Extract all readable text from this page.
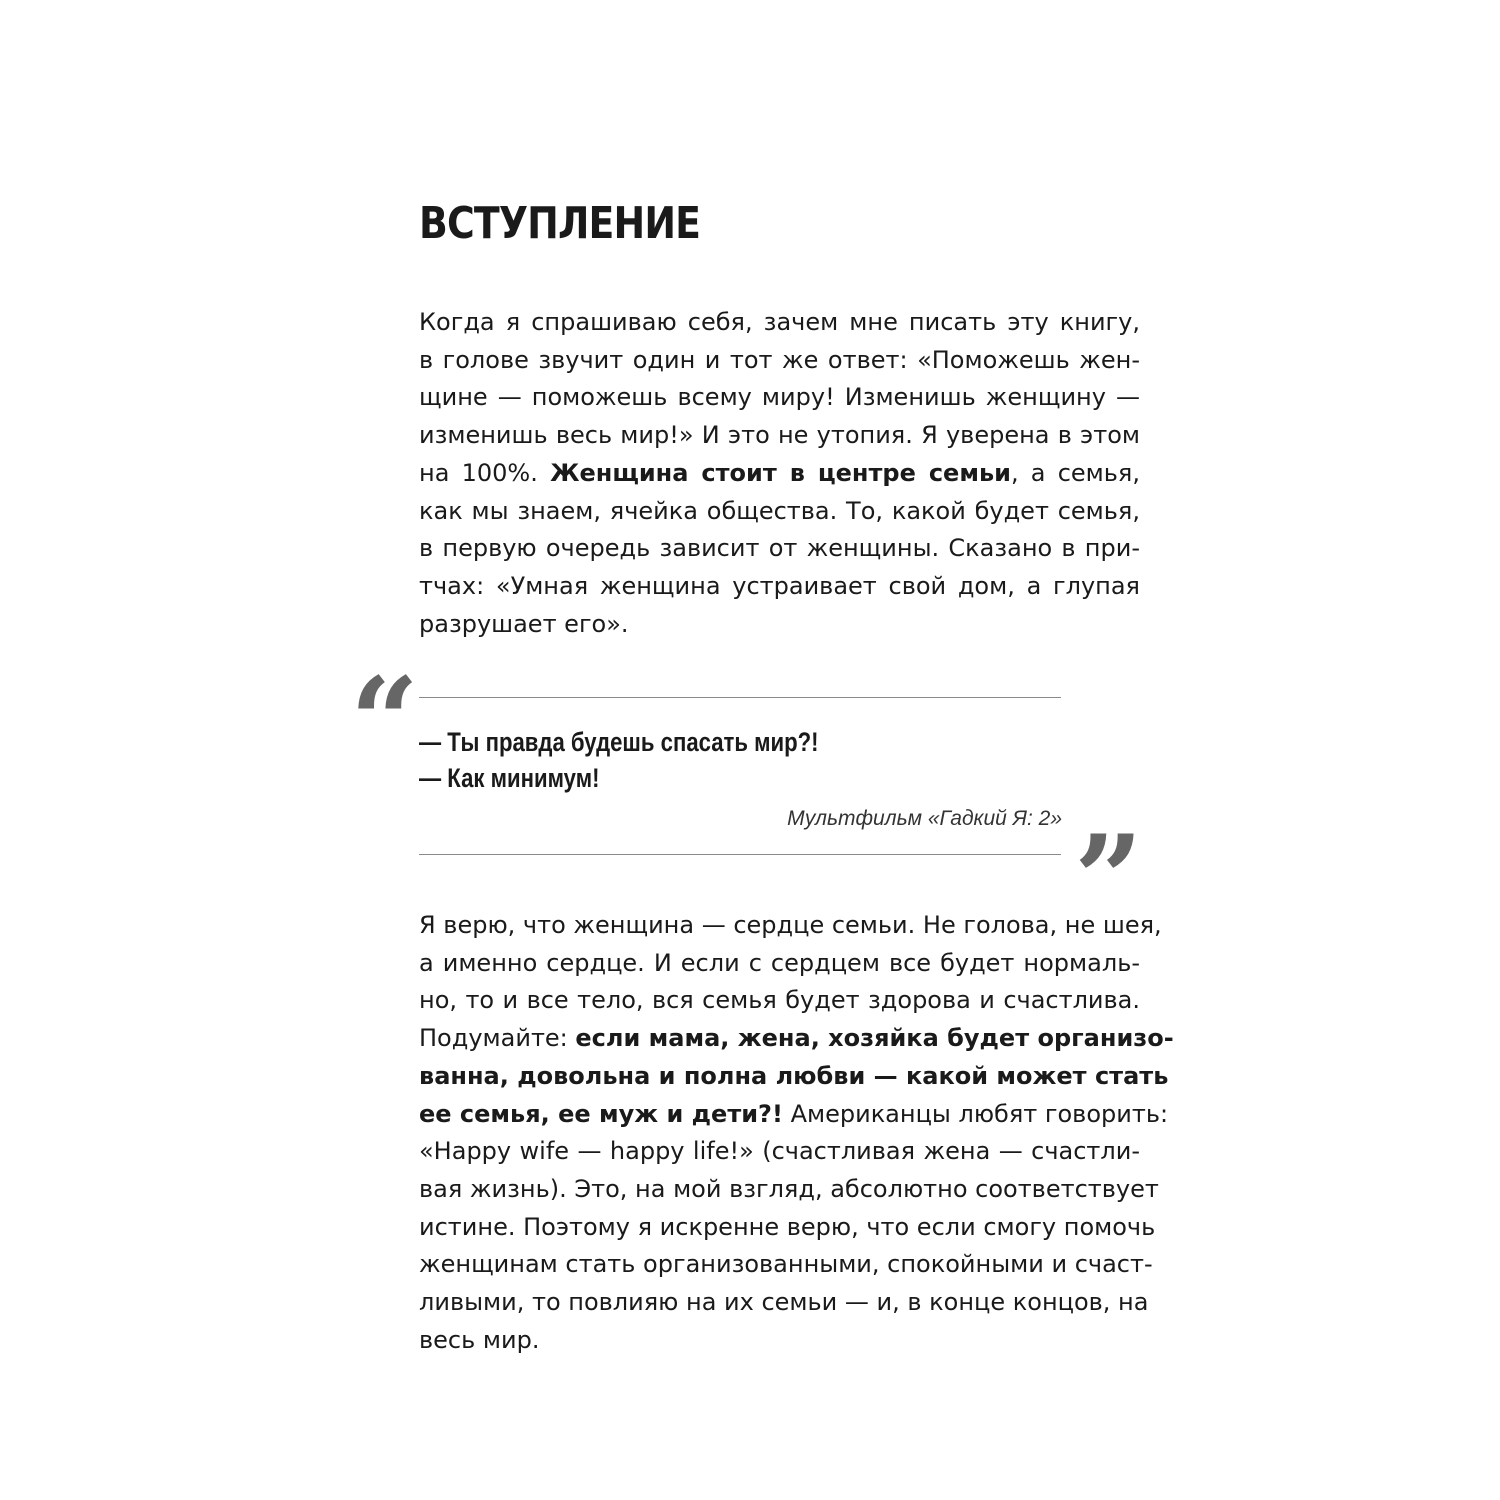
ВСТУПЛЕНИЕ
Когда я спрашиваю себя, зачем мне писать эту книгу,
в голове звучит один и тот же ответ: «Поможешь жен-
щине — поможешь всему миру! Изменишь женщину —
изменишь весь мир!» И это не утопия. Я уверена в этом
на 100%. Женщина стоит в центре семьи, а семья,
как мы знаем, ячейка общества. То, какой будет семья,
в первую очередь зависит от женщины. Сказано в при-
тчах: «Умная женщина устраивает свой дом, а глупая
разрушает его».
“ — Ты правда будешь спасать мир?!
— Как минимум!
Мультфильм «Гадкий Я: 2» ”
Я верю, что женщина — сердце семьи. Не голова, не шея,
а именно сердце. И если с сердцем все будет нормаль-
но, то и все тело, вся семья будет здорова и счастлива.
Подумайте: если мама, жена, хозяйка будет организо-
ванна, довольна и полна любви — какой может стать
ее семья, ее муж и дети?! Американцы любят говорить:
«Happy wife — happy life!» (счастливая жена — счастли-
вая жизнь). Это, на мой взгляд, абсолютно соответствует
истине. Поэтому я искренне верю, что если смогу помочь
женщинам стать организованными, спокойными и счаст-
ливыми, то повлияю на их семьи — и, в конце концов, на
весь мир.
